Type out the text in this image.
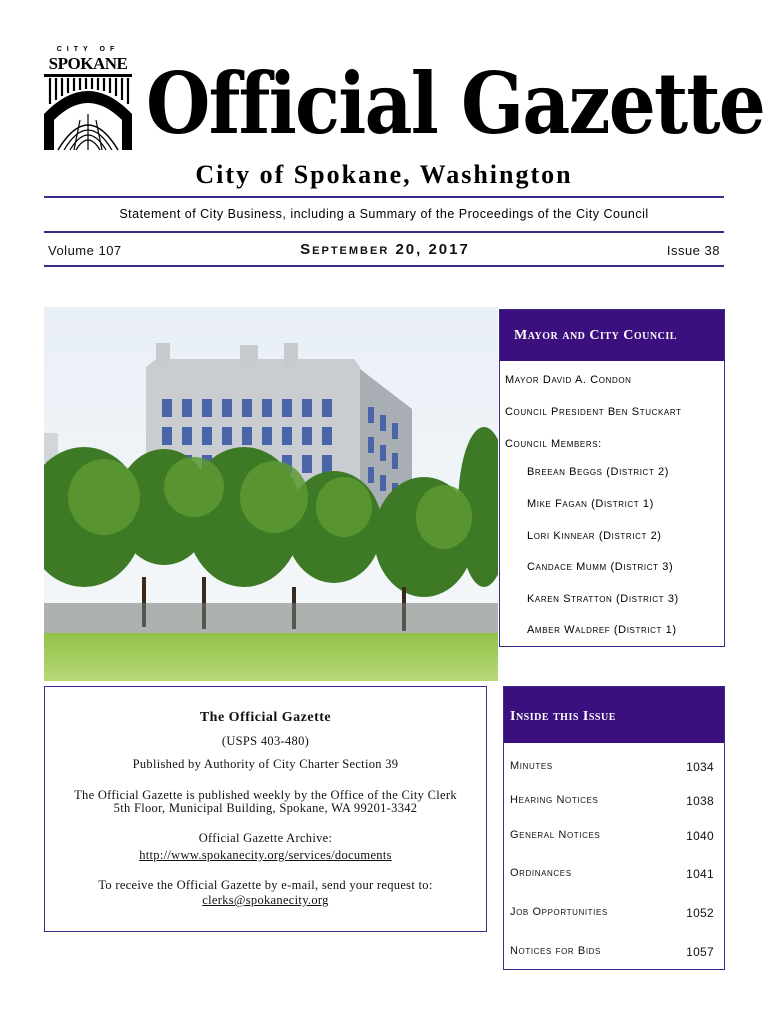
CITY OF
SPOKANE Official Gazette
City of Spokane, Washington
Statement of City Business, including a Summary of the Proceedings of the City Council
Volume 107	September 20, 2017	Issue 38
Mayor and City Council
Mayor David A. Condon
Council President Ben Stuckart
Council Members:
Breean Beggs (District 2)
Mike Fagan (District 1)
Lori Kinnear (District 2)
Candace Mumm (District 3)
Karen Stratton (District 3)
Amber Waldref (District 1)
The Official Gazette
(USPS 403-480)
Published by Authority of City Charter Section 39
The Official Gazette is published weekly by the Office of the City Clerk
5th Floor, Municipal Building, Spokane, WA 99201-3342
Official Gazette Archive:
http://www.spokanecity.org/services/documents
To receive the Official Gazette by e-mail, send your request to:
clerks@spokanecity.org
Inside this Issue
Minutes	1034
Hearing Notices	1038
General Notices	1040
Ordinances	1041
Job Opportunities	1052
Notices for Bids	1057
